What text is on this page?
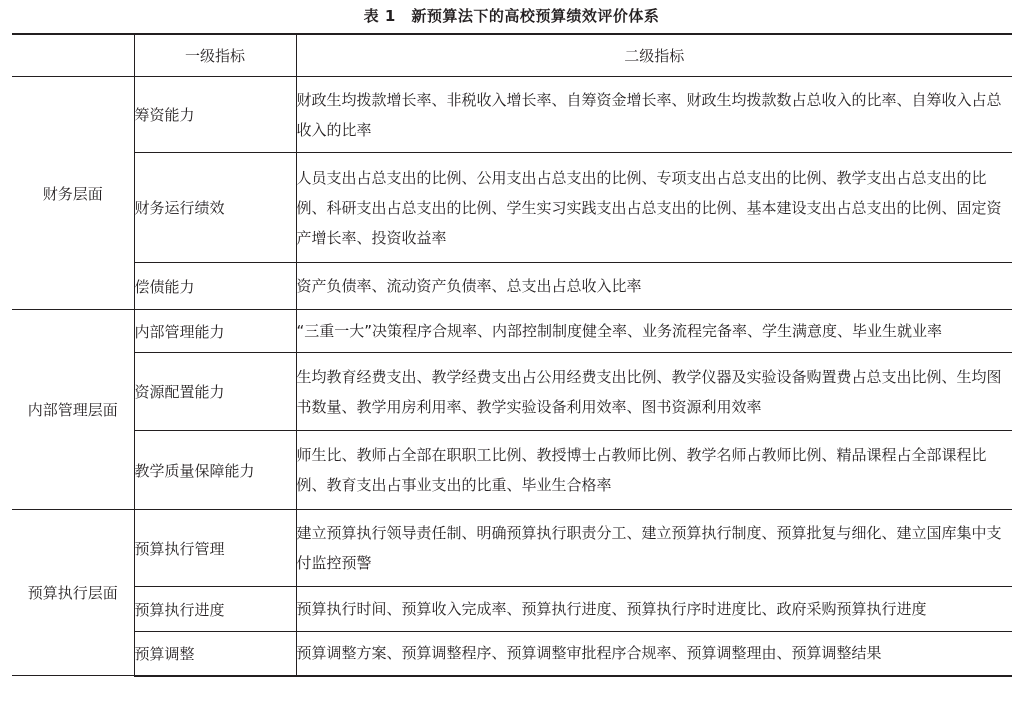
表 1　新预算法下的高校预算绩效评价体系
	一级指标	二级指标
财务层面	筹资能力	财政生均拨款增长率、非税收入增长率、自筹资金增长率、财政生均拨款数占总收入的比率、自筹收入占总收入的比率
	财务运行绩效	人员支出占总支出的比例、公用支出占总支出的比例、专项支出占总支出的比例、教学支出占总支出的比例、科研支出占总支出的比例、学生实习实践支出占总支出的比例、基本建设支出占总支出的比例、固定资产增长率、投资收益率
	偿债能力	资产负债率、流动资产负债率、总支出占总收入比率
内部管理层面	内部管理能力	“三重一大”决策程序合规率、内部控制制度健全率、业务流程完备率、学生满意度、毕业生就业率
	资源配置能力	生均教育经费支出、教学经费支出占公用经费支出比例、教学仪器及实验设备购置费占总支出比例、生均图书数量、教学用房利用率、教学实验设备利用效率、图书资源利用效率
	教学质量保障能力	师生比、教师占全部在职职工比例、教授博士占教师比例、教学名师占教师比例、精品课程占全部课程比例、教育支出占事业支出的比重、毕业生合格率
预算执行层面	预算执行管理	建立预算执行领导责任制、明确预算执行职责分工、建立预算执行制度、预算批复与细化、建立国库集中支付监控预警
	预算执行进度	预算执行时间、预算收入完成率、预算执行进度、预算执行序时进度比、政府采购预算执行进度
	预算调整	预算调整方案、预算调整程序、预算调整审批程序合规率、预算调整理由、预算调整结果
